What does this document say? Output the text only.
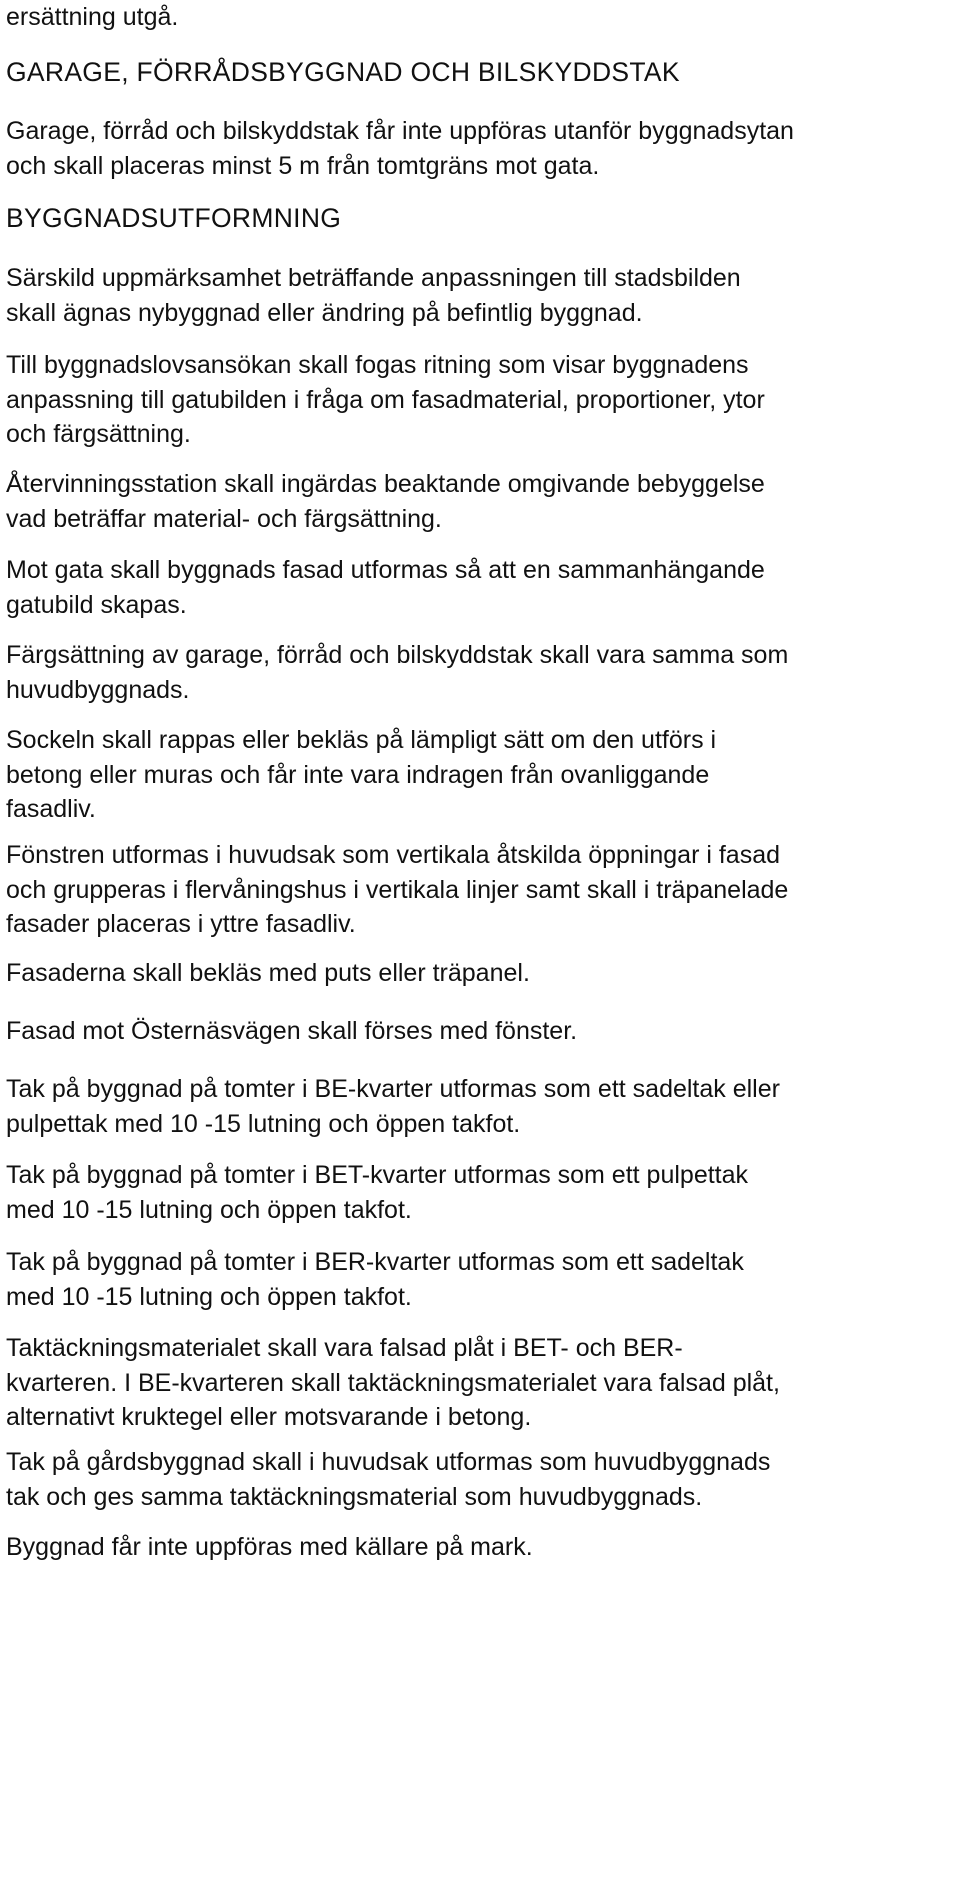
ersättning utgå.
GARAGE, FÖRRÅDSBYGGNAD OCH BILSKYDDSTAK
Garage, förråd och bilskyddstak får inte uppföras utanför byggnadsytan
och skall placeras minst 5 m från tomtgräns mot gata.
BYGGNADSUTFORMNING
Särskild uppmärksamhet beträffande anpassningen till stadsbilden
skall ägnas nybyggnad eller ändring på befintlig byggnad.
Till byggnadslovsansökan skall fogas ritning som visar byggnadens
anpassning till gatubilden i fråga om fasadmaterial, proportioner, ytor
och färgsättning.
Återvinningsstation skall ingärdas beaktande omgivande bebyggelse
vad beträffar material- och färgsättning.
Mot gata skall byggnads fasad utformas så att en sammanhängande
gatubild skapas.
Färgsättning av garage, förråd och bilskyddstak skall vara samma som
huvudbyggnads.
Sockeln skall rappas eller bekläs på lämpligt sätt om den utförs i
betong eller muras och får inte vara indragen från ovanliggande
fasadliv.
Fönstren utformas i huvudsak som vertikala åtskilda öppningar i fasad
och grupperas i flervåningshus i vertikala linjer samt skall i träpanelade
fasader placeras i yttre fasadliv.
Fasaderna skall bekläs med puts eller träpanel.
Fasad mot Östernäsvägen skall förses med fönster.
Tak på byggnad på tomter i BE-kvarter utformas som ett sadeltak eller
pulpettak med 10 -15 lutning och öppen takfot.
Tak på byggnad på tomter i BET-kvarter utformas som ett pulpettak
med 10 -15 lutning och öppen takfot.
Tak på byggnad på tomter i BER-kvarter utformas som ett sadeltak
med 10 -15 lutning och öppen takfot.
Taktäckningsmaterialet skall vara falsad plåt i BET- och BER-
kvarteren. I BE-kvarteren skall taktäckningsmaterialet vara falsad plåt,
alternativt kruktegel eller motsvarande i betong.
Tak på gårdsbyggnad skall i huvudsak utformas som huvudbyggnads
tak och ges samma taktäckningsmaterial som huvudbyggnads.
Byggnad får inte uppföras med källare på mark.
